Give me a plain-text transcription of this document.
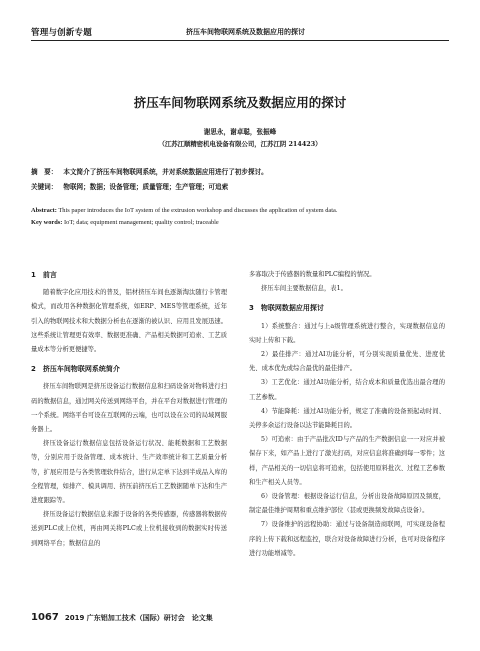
管理与创新专题	挤压车间物联网系统及数据应用的探讨
挤压车间物联网系统及数据应用的探讨
谢思永，谢卓聪，张振峰
（江苏江顺精密机电设备有限公司，江苏江阴 214423）
摘　要： 本文简介了挤压车间物联网系统，并对系统数据应用进行了初步探讨。
关键词： 物联网；数据；设备管理；质量管理；生产管理；可追索
Abstract: This paper introduces the IoT system of the extrusion workshop and discusses the application of system data.
Key words: IoT; data; equipment management; quality control; traceable
1　前言

随着数字化应用技术的普及，铝材挤压车间也逐渐淘汰随行卡管理模式，而改用各种数据化管理系统，如ERP、MES等管理系统，近年引入的物联网技术和大数据分析也在逐渐的被认识、应用且发展迅速。这些系统让管理更有效率、数据更准确、产品相关数据可追索、工艺质量成本等分析更便捷等。

2　挤压车间物联网系统简介

挤压车间物联网是挤压设备运行数据信息和扫码设备对物料进行扫码的数据信息，通过网关传送到网络平台，并在平台对数据进行管理的一个系统。网络平台可设在互联网的云端，也可以设在公司的局域网服务器上。

挤压设备运行数据信息包括设备运行状况、能耗数据和工艺数据等，分别应用于设备管理、成本统计、生产效率统计和工艺质量分析等，扩展应用是与各类管理软件结合，进行从定单下达到半成品入库的全程管理，如排产、模具调用、挤压前挤压后工艺数据随单下达和生产进度跟踪等。

挤压设备运行数据信息来源于设备的各类传感器，传感器将数据传送到PLC或上位机，再由网关将PLC或上位机接收到的数据实时传送到网络平台；数据信息的

多寡取决于传感器的数量和PLC编程的情况。

挤压车间主要数据信息，表1。

3　物联网数据应用探讨

1）系统整合：通过与上a级管理系统进行整合，实现数据信息的实时上传和下载。

2）最佳排产：通过AI功能分析，可分别实现质量优先、进度优先、成本优先或综合最优的最佳排产。

3）工艺优化：通过AI功能分析，结合成本和质量优选出最合理的工艺参数。

4）节能降耗：通过AI功能分析，规定了准确的设备预起动时间、关停多余运行设备以达节能降耗目的。

5）可追索：由于产品批次ID与产品的生产数据信息一一对应并被保存下来，如产品上进行了激光打码，对应信息将准确到每一零件；这样，产品相关的一切信息将可追索，包括使用原料批次、过程工艺参数和生产相关人员等。

6）设备管理：根据设备运行信息，分析出设备故障原因及频度，制定最佳维护周期和重点维护部位（甚或更换频发故障点设备）。

7）设备维护的远程协助：通过与设备制造商联网，可实现设备程序的上传下载和远程监控，联合对设备故障进行分析，也可对设备程序进行功能增减等。

1067 2019 广东铝加工技术（国际）研讨会　论文集
